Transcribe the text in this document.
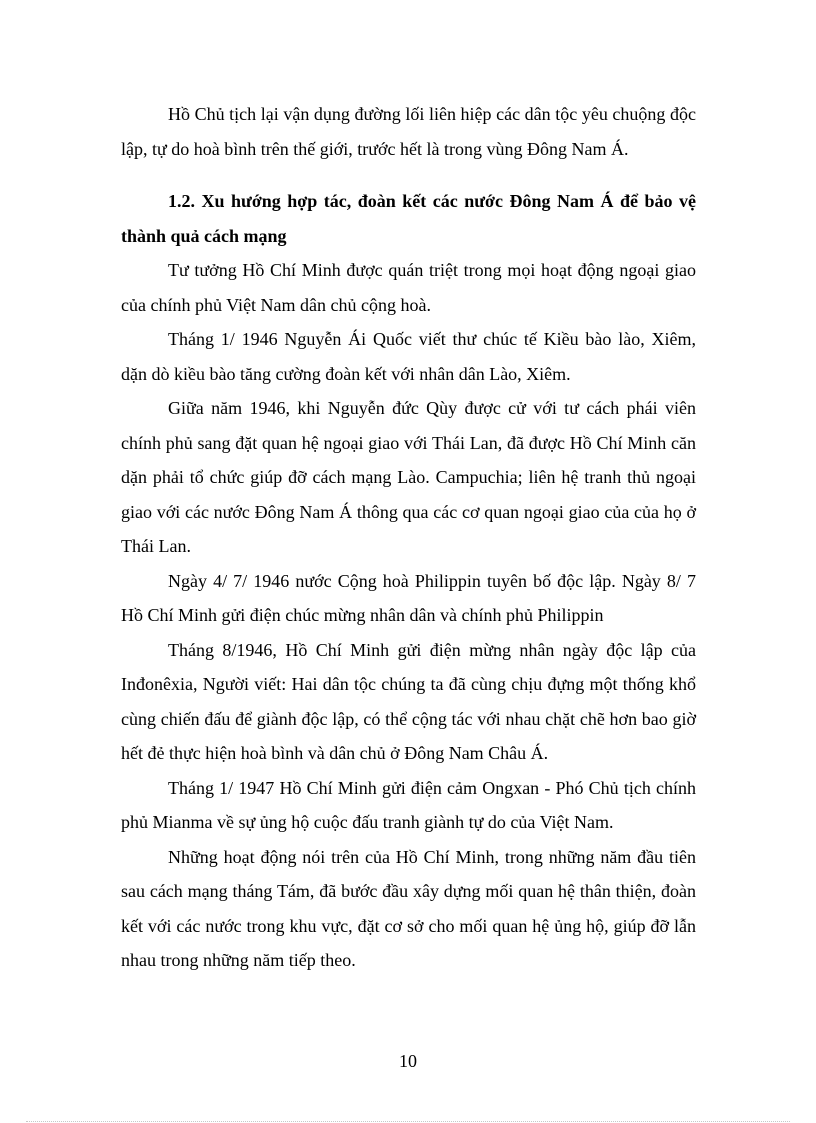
Hồ Chủ tịch lại vận dụng đường lối liên hiệp các dân tộc yêu chuộng độc lập, tự do hoà bình trên thế giới, trước hết là trong vùng Đông Nam Á.

1.2. Xu hướng hợp tác, đoàn kết các nước Đông Nam Á để bảo vệ thành quả cách mạng

Tư tưởng Hồ Chí Minh được quán triệt trong mọi hoạt động ngoại giao của chính phủ Việt Nam dân chủ cộng hoà.

Tháng 1/ 1946 Nguyễn Ái Quốc viết thư chúc tế Kiều bào lào, Xiêm, dặn dò kiều bào tăng cường đoàn kết với nhân dân Lào, Xiêm.

Giữa năm 1946, khi Nguyễn đức Qùy được cử với tư cách phái viên chính phủ sang đặt quan hệ ngoại giao với Thái Lan, đã được Hồ Chí Minh căn dặn phải tổ chức giúp đỡ cách mạng Lào. Campuchia; liên hệ tranh thủ ngoại giao với các nước Đông Nam Á thông qua các cơ quan ngoại giao của của họ ở Thái Lan.

Ngày 4/ 7/ 1946 nước Cộng hoà Philippin tuyên bố độc lập. Ngày 8/ 7 Hồ Chí Minh gửi điện chúc mừng nhân dân và chính phủ Philippin

Tháng 8/1946, Hồ Chí Minh gửi điện mừng nhân ngày độc lập của Inđonêxia, Người viết: Hai dân tộc chúng ta đã cùng chịu đựng một thống khổ cùng chiến đấu để giành độc lập, có thể cộng tác với nhau chặt chẽ hơn bao giờ hết đẻ thực hiện hoà bình và dân chủ ở Đông Nam Châu Á.

Tháng 1/ 1947 Hồ Chí Minh gửi điện cảm Ongxan - Phó Chủ tịch chính phủ Mianma về sự ủng hộ cuộc đấu tranh giành tự do của Việt Nam.

Những hoạt động nói trên của Hồ Chí Minh, trong những năm đầu tiên sau cách mạng tháng Tám, đã bước đầu xây dựng mối quan hệ thân thiện, đoàn kết với các nước trong khu vực, đặt cơ sở cho mối quan hệ ủng hộ, giúp đỡ lẫn nhau trong những năm tiếp theo.

10
